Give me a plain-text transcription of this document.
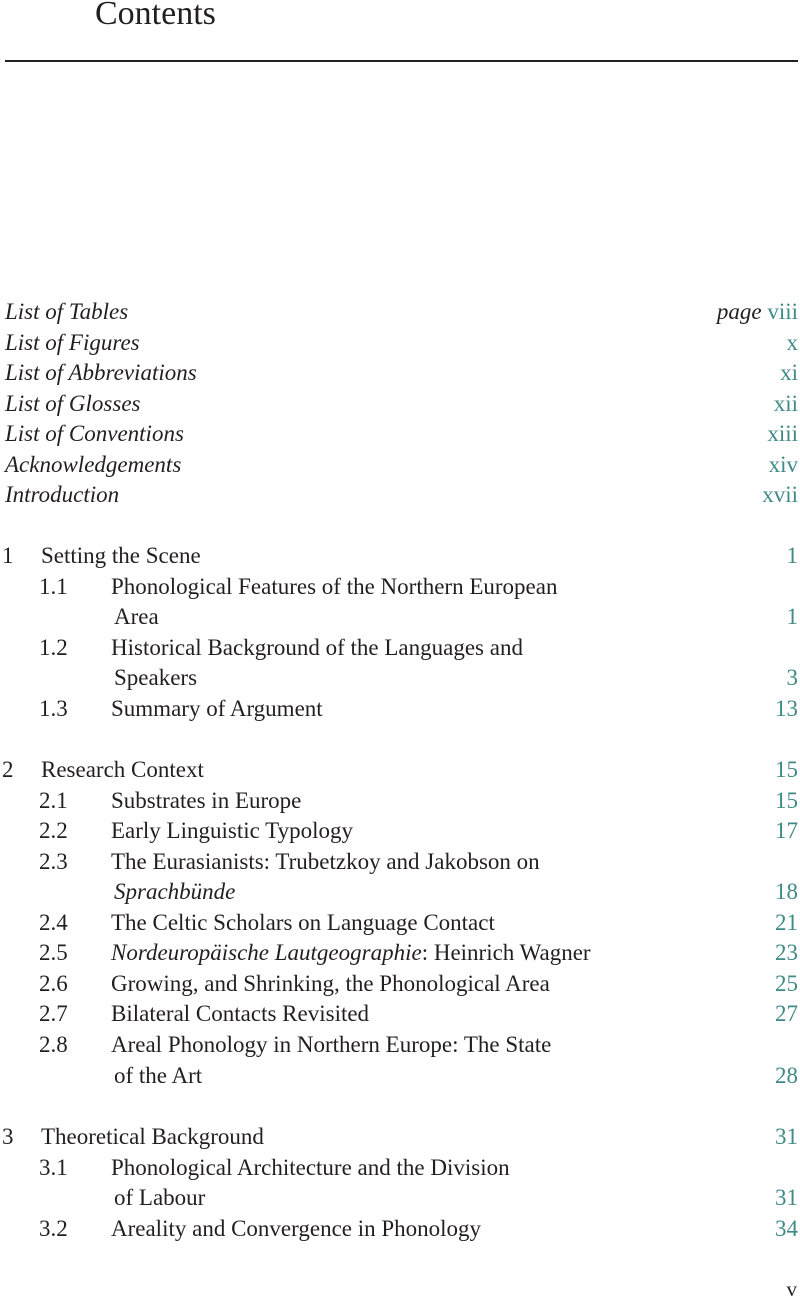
Contents
List of Tables	page viii
List of Figures	x
List of Abbreviations	xi
List of Glosses	xii
List of Conventions	xiii
Acknowledgements	xiv
Introduction	xvii
1 Setting the Scene	1
1.1 Phonological Features of the Northern European
Area	1
1.2 Historical Background of the Languages and
Speakers	3
1.3 Summary of Argument	13
2 Research Context	15
2.1 Substrates in Europe	15
2.2 Early Linguistic Typology	17
2.3 The Eurasianists: Trubetzkoy and Jakobson on
Sprachbünde	18
2.4 The Celtic Scholars on Language Contact	21
2.5 Nordeuropäische Lautgeographie: Heinrich Wagner	23
2.6 Growing, and Shrinking, the Phonological Area	25
2.7 Bilateral Contacts Revisited	27
2.8 Areal Phonology in Northern Europe: The State
of the Art	28
3 Theoretical Background	31
3.1 Phonological Architecture and the Division
of Labour	31
3.2 Areality and Convergence in Phonology	34
v
